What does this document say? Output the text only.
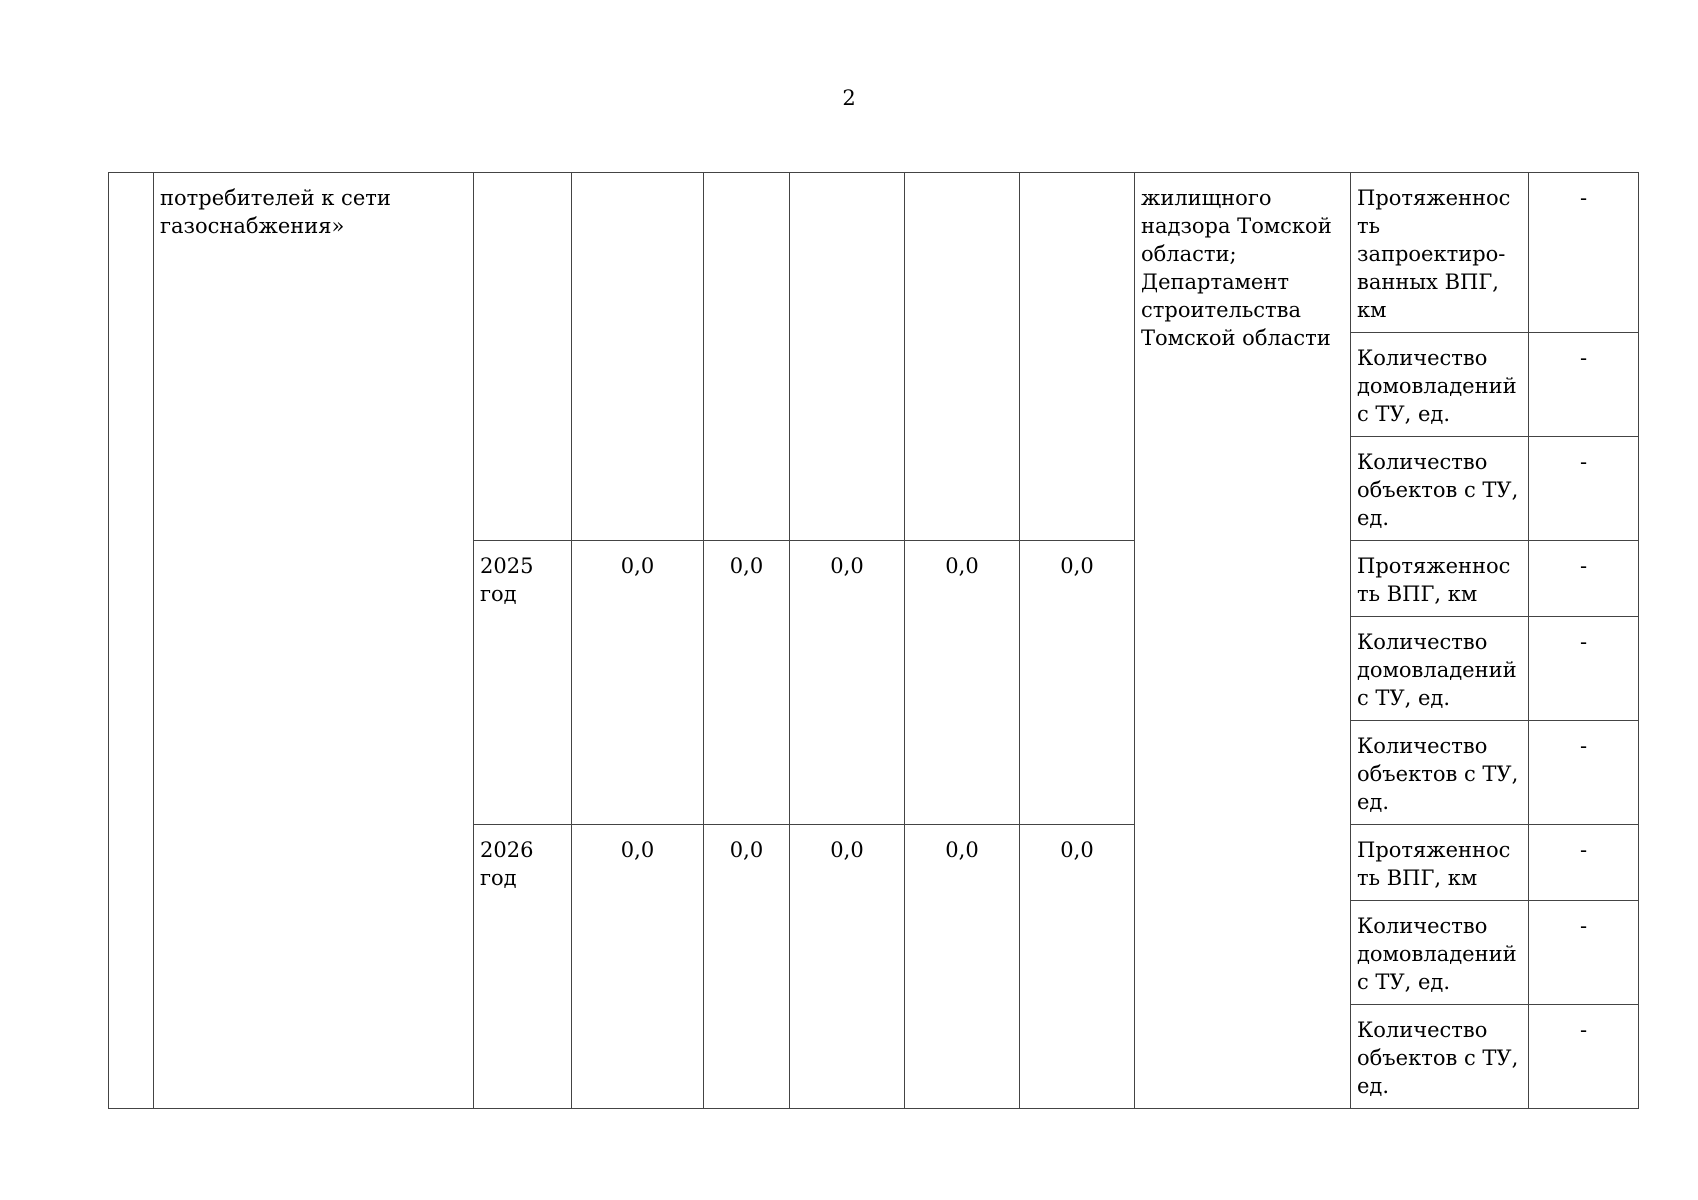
2
	потребителей к сети газоснабжения»							жилищного надзора Томской области; Департамент строительства Томской области	Протяженность запроектиро-ванных ВПГ, км	-
									Количество домовладений с ТУ, ед.	-
									Количество объектов с ТУ, ед.	-
		2025 год	0,0	0,0	0,0	0,0	0,0		Протяженность ВПГ, км	-
									Количество домовладений с ТУ, ед.	-
									Количество объектов с ТУ, ед.	-
		2026 год	0,0	0,0	0,0	0,0	0,0		Протяженность ВПГ, км	-
									Количество домовладений с ТУ, ед.	-
									Количество объектов с ТУ, ед.	-
